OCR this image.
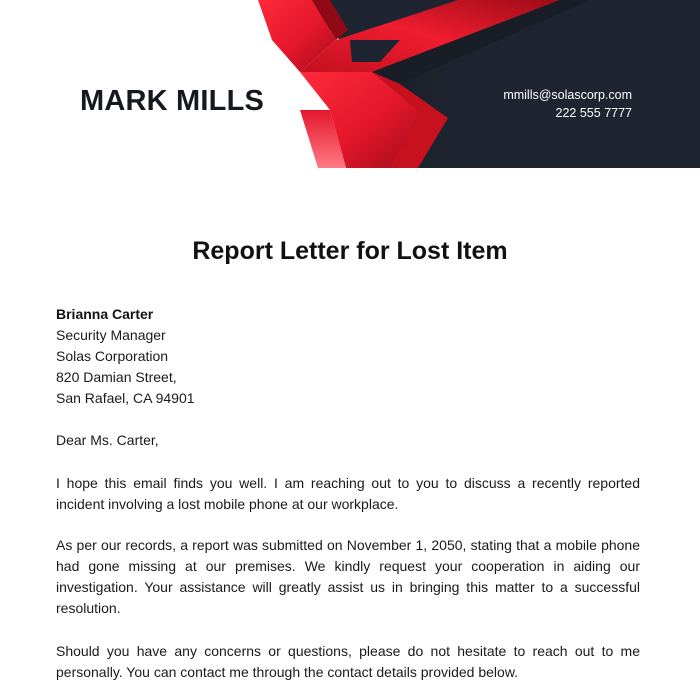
MARK MILLS	mmills@solascorp.com
222 555 7777
Report Letter for Lost Item
Brianna Carter
Security Manager
Solas Corporation
820 Damian Street,
San Rafael, CA 94901

Dear Ms. Carter,

I hope this email finds you well. I am reaching out to you to discuss a recently reported incident involving a lost mobile phone at our workplace.

As per our records, a report was submitted on November 1, 2050, stating that a mobile phone had gone missing at our premises. We kindly request your cooperation in aiding our investigation. Your assistance will greatly assist us in bringing this matter to a successful resolution.

Should you have any concerns or questions, please do not hesitate to reach out to me personally. You can contact me through the contact details provided below.
